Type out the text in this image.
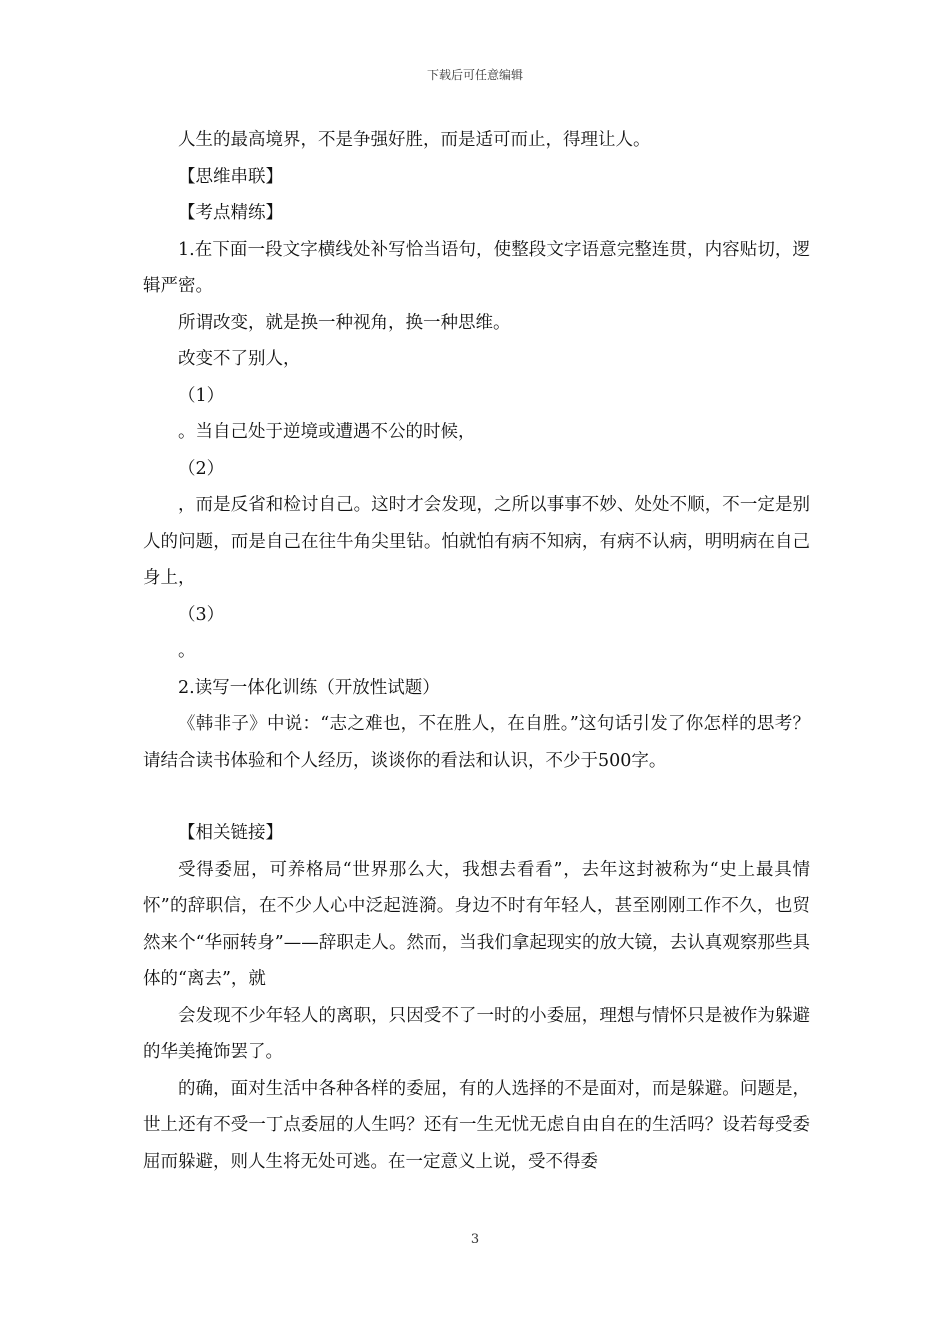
下载后可任意编辑

人生的最高境界，不是争强好胜，而是适可而止，得理让人。

【思维串联】

【考点精练】

1.在下面一段文字横线处补写恰当语句，使整段文字语意完整连贯，内容贴切，逻辑严密。

所谓改变，就是换一种视角，换一种思维。

改变不了别人，

（1）

。当自己处于逆境或遭遇不公的时候，

（2）

，而是反省和检讨自己。这时才会发现，之所以事事不妙、处处不顺，不一定是别人的问题，而是自己在往牛角尖里钻。怕就怕有病不知病，有病不认病，明明病在自己身上，

（3）

。

2.读写一体化训练（开放性试题）

《韩非子》中说：“志之难也，不在胜人，在自胜。”这句话引发了你怎样的思考？请结合读书体验和个人经历，谈谈你的看法和认识，不少于500字。

【相关链接】

受得委屈，可养格局“世界那么大，我想去看看”，去年这封被称为“史上最具情怀”的辞职信，在不少人心中泛起涟漪。身边不时有年轻人，甚至刚刚工作不久，也贸然来个“华丽转身”——辞职走人。然而，当我们拿起现实的放大镜，去认真观察那些具体的“离去”，就

会发现不少年轻人的离职，只因受不了一时的小委屈，理想与情怀只是被作为躲避的华美掩饰罢了。

的确，面对生活中各种各样的委屈，有的人选择的不是面对，而是躲避。问题是，世上还有不受一丁点委屈的人生吗？还有一生无忧无虑自由自在的生活吗？设若每受委屈而躲避，则人生将无处可逃。在一定意义上说，受不得委

3
